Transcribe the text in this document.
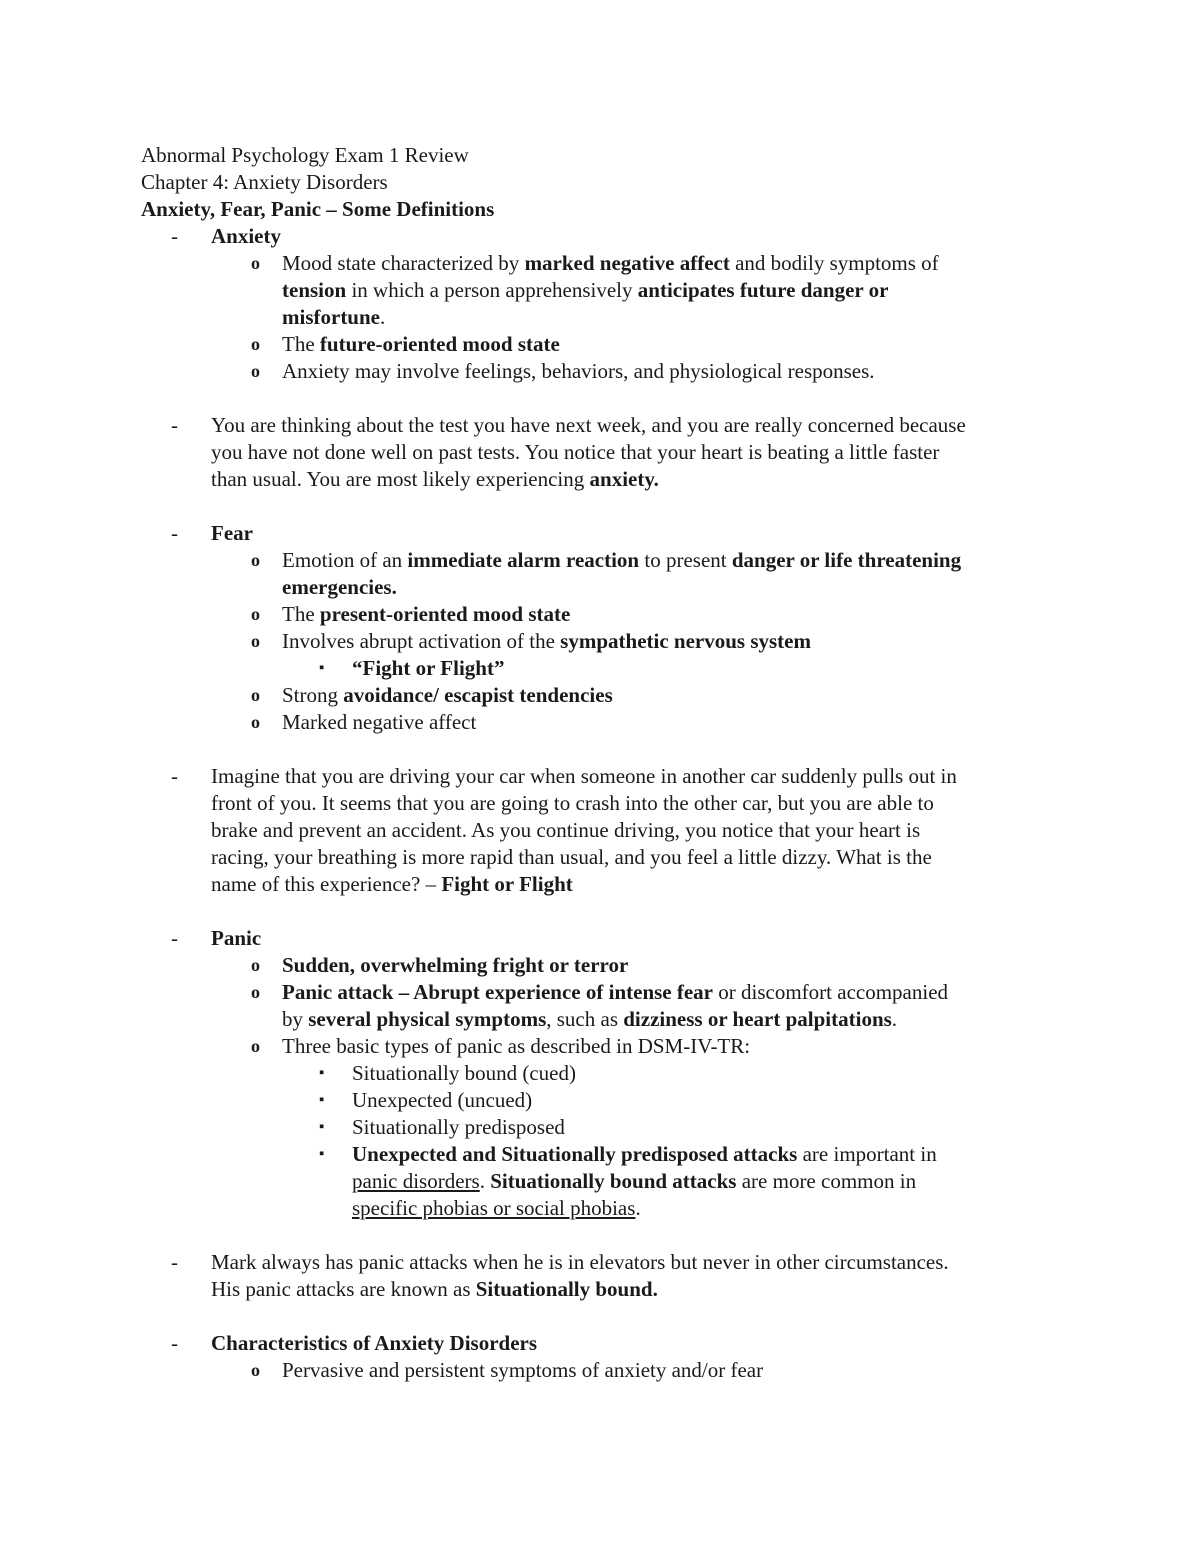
Abnormal Psychology Exam 1 Review
Chapter 4: Anxiety Disorders
Anxiety, Fear, Panic – Some Definitions
- Anxiety
o Mood state characterized by marked negative affect and bodily symptoms of
tension in which a person apprehensively anticipates future danger or
misfortune.
o The future-oriented mood state
o Anxiety may involve feelings, behaviors, and physiological responses.
- You are thinking about the test you have next week, and you are really concerned because
you have not done well on past tests. You notice that your heart is beating a little faster
than usual. You are most likely experiencing anxiety.
- Fear
o Emotion of an immediate alarm reaction to present danger or life threatening
emergencies.
o The present-oriented mood state
o Involves abrupt activation of the sympathetic nervous system
▪ “Fight or Flight”
o Strong avoidance/ escapist tendencies
o Marked negative affect
- Imagine that you are driving your car when someone in another car suddenly pulls out in
front of you. It seems that you are going to crash into the other car, but you are able to
brake and prevent an accident. As you continue driving, you notice that your heart is
racing, your breathing is more rapid than usual, and you feel a little dizzy. What is the
name of this experience? – Fight or Flight
- Panic
o Sudden, overwhelming fright or terror
o Panic attack – Abrupt experience of intense fear or discomfort accompanied
by several physical symptoms, such as dizziness or heart palpitations.
o Three basic types of panic as described in DSM-IV-TR:
▪ Situationally bound (cued)
▪ Unexpected (uncued)
▪ Situationally predisposed
▪ Unexpected and Situationally predisposed attacks are important in
panic disorders. Situationally bound attacks are more common in
specific phobias or social phobias.
- Mark always has panic attacks when he is in elevators but never in other circumstances.
His panic attacks are known as Situationally bound.
- Characteristics of Anxiety Disorders
o Pervasive and persistent symptoms of anxiety and/or fear
